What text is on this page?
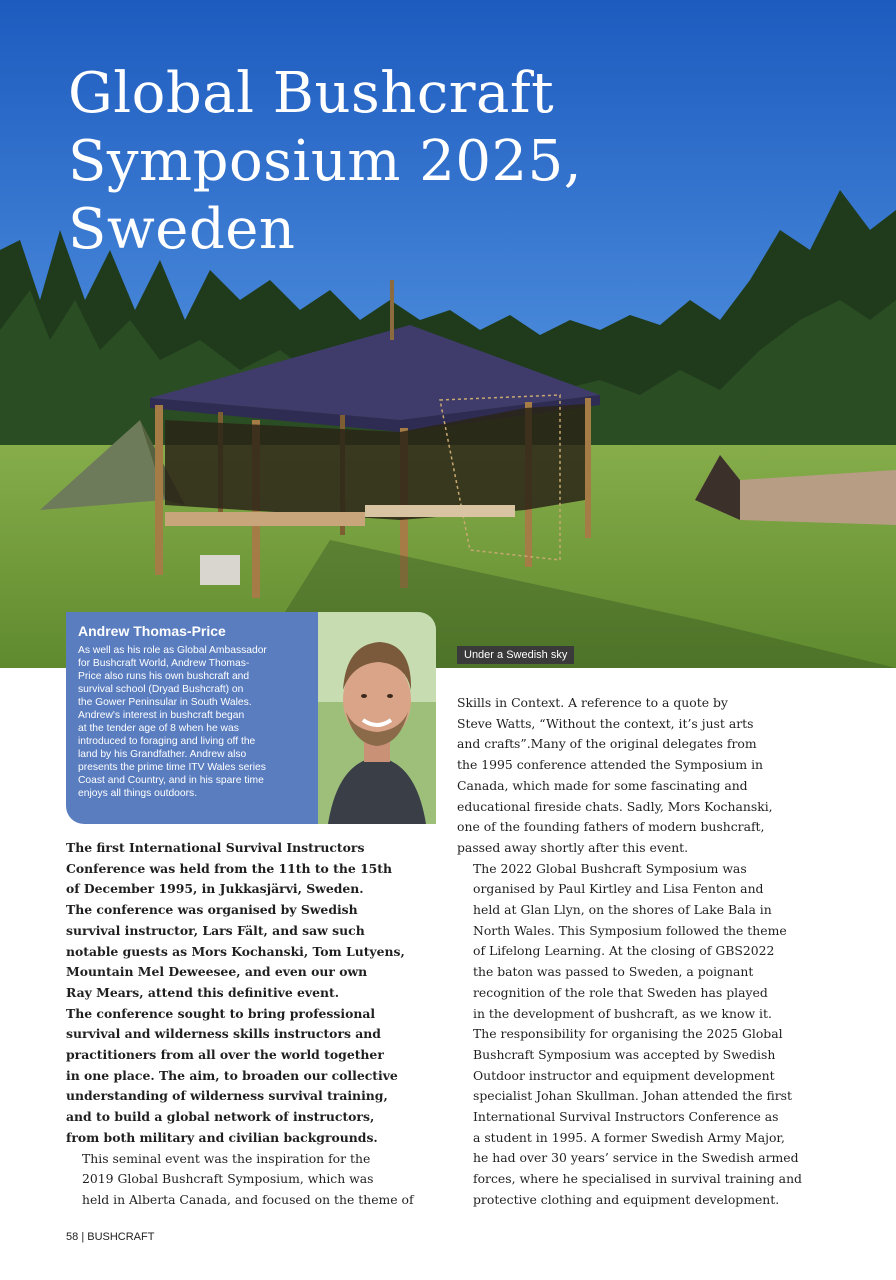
Global Bushcraft
Symposium 2025,
Sweden
Under a Swedish sky
Andrew Thomas-Price
As well as his role as Global Ambassador
for Bushcraft World, Andrew Thomas-
Price also runs his own bushcraft and
survival school (Dryad Bushcraft) on
the Gower Peninsular in South Wales.
Andrew's interest in bushcraft began
at the tender age of 8 when he was
introduced to foraging and living off the
land by his Grandfather. Andrew also
presents the prime time ITV Wales series
Coast and Country, and in his spare time
enjoys all things outdoors.

The first International Survival Instructors
Conference was held from the 11th to the 15th
of December 1995, in Jukkasjärvi, Sweden.
The conference was organised by Swedish
survival instructor, Lars Fält, and saw such
notable guests as Mors Kochanski, Tom Lutyens,
Mountain Mel Deweesee, and even our own
Ray Mears, attend this definitive event.
The conference sought to bring professional
survival and wilderness skills instructors and
practitioners from all over the world together
in one place. The aim, to broaden our collective
understanding of wilderness survival training,
and to build a global network of instructors,
from both military and civilian backgrounds.

This seminal event was the inspiration for the
2019 Global Bushcraft Symposium, which was
held in Alberta Canada, and focused on the theme of

Skills in Context. A reference to a quote by
Steve Watts, “Without the context, it’s just arts
and crafts”.Many of the original delegates from
the 1995 conference attended the Symposium in
Canada, which made for some fascinating and
educational fireside chats. Sadly, Mors Kochanski,
one of the founding fathers of modern bushcraft,
passed away shortly after this event.

The 2022 Global Bushcraft Symposium was
organised by Paul Kirtley and Lisa Fenton and
held at Glan Llyn, on the shores of Lake Bala in
North Wales. This Symposium followed the theme
of Lifelong Learning. At the closing of GBS2022
the baton was passed to Sweden, a poignant
recognition of the role that Sweden has played
in the development of bushcraft, as we know it.

The responsibility for organising the 2025 Global
Bushcraft Symposium was accepted by Swedish
Outdoor instructor and equipment development
specialist Johan Skullman. Johan attended the first
International Survival Instructors Conference as
a student in 1995. A former Swedish Army Major,
he had over 30 years’ service in the Swedish armed
forces, where he specialised in survival training and
protective clothing and equipment development.

58 | BUSHCRAFT
